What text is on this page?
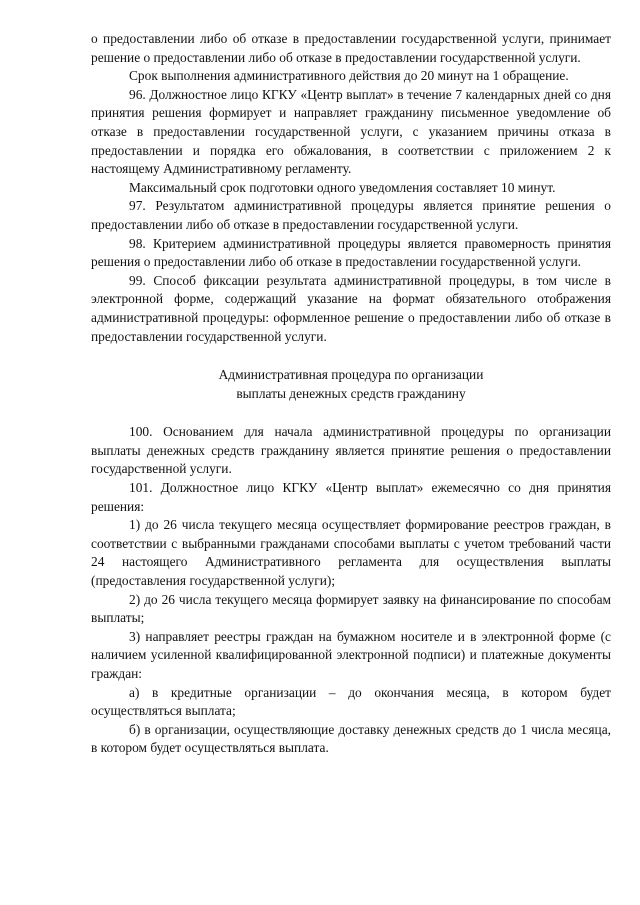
о предоставлении либо об отказе в предоставлении государственной услуги, принимает решение о предоставлении либо об отказе в предоставлении государственной услуги.

Срок выполнения административного действия до 20 минут на 1 обращение.

96. Должностное лицо КГКУ «Центр выплат» в течение 7 календарных дней со дня принятия решения формирует и направляет гражданину письменное уведомление об отказе в предоставлении государственной услуги, с указанием причины отказа в предоставлении и порядка его обжалования, в соответствии с приложением 2 к настоящему Административному регламенту.

Максимальный срок подготовки одного уведомления составляет 10 минут.

97. Результатом административной процедуры является принятие решения о предоставлении либо об отказе в предоставлении государственной услуги.

98. Критерием административной процедуры является правомерность принятия решения о предоставлении либо об отказе в предоставлении государственной услуги.

99. Способ фиксации результата административной процедуры, в том числе в электронной форме, содержащий указание на формат обязательного отображения административной процедуры: оформленное решение о предоставлении либо об отказе в предоставлении государственной услуги.

Административная процедура по организации
выплаты денежных средств гражданину

100. Основанием для начала административной процедуры по организации выплаты денежных средств гражданину является принятие решения о предоставлении государственной услуги.

101. Должностное лицо КГКУ «Центр выплат» ежемесячно со дня принятия решения:

1) до 26 числа текущего месяца осуществляет формирование реестров граждан, в соответствии с выбранными гражданами способами выплаты с учетом требований части 24 настоящего Административного регламента для осуществления выплаты (предоставления государственной услуги);

2) до 26 числа текущего месяца формирует заявку на финансирование по способам выплаты;

3) направляет реестры граждан на бумажном носителе и в электронной форме (с наличием усиленной квалифицированной электронной подписи) и платежные документы граждан:

а) в кредитные организации – до окончания месяца, в котором будет осуществляться выплата;

б) в организации, осуществляющие доставку денежных средств до 1 числа месяца, в котором будет осуществляться выплата.
